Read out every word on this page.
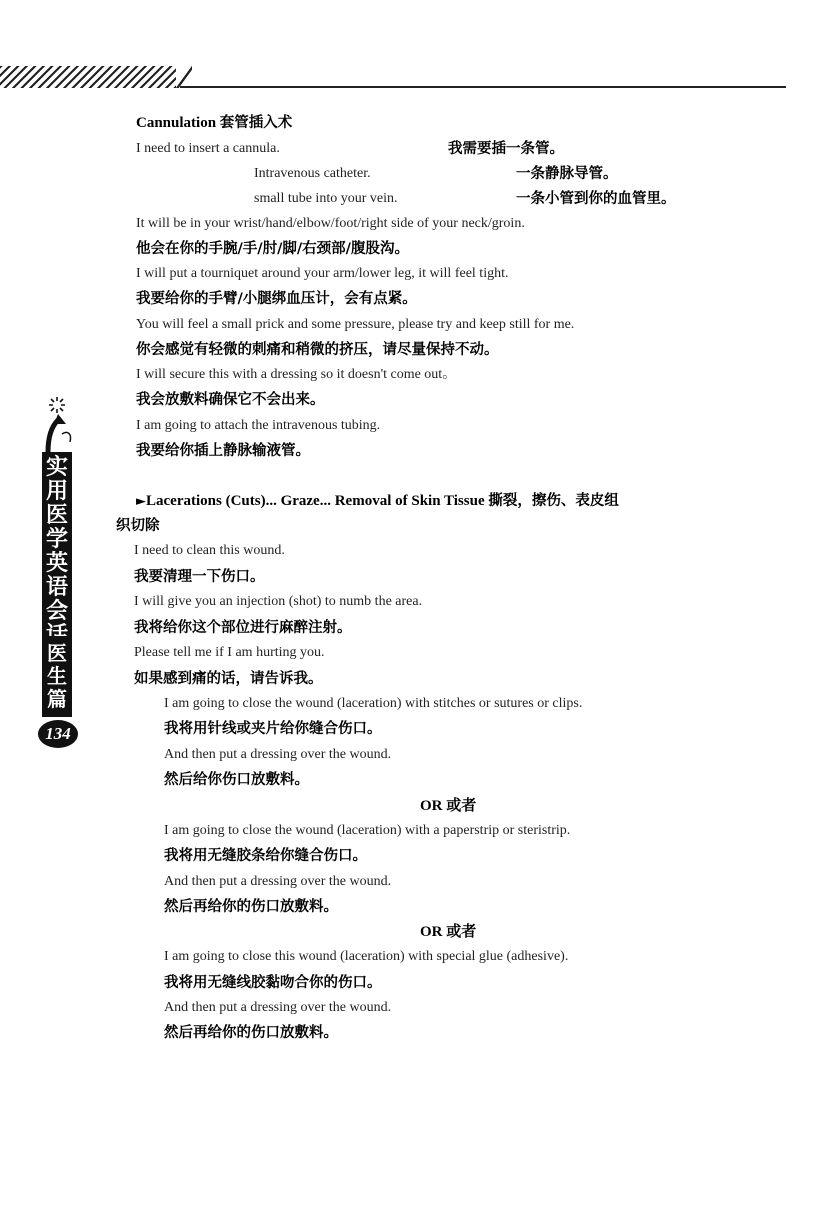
实用医学英语会
医生篇
134
Cannulation 套管插入术
I need to insert a cannula.	我需要插一条管。
Intravenous catheter.	一条静脉导管。
small tube into your vein.	一条小管到你的血管里。
It will be in your wrist/hand/elbow/foot/right side of your neck/groin.
他会在你的手腕/手/肘/脚/右颈部/腹股沟。
I will put a tourniquet around your arm/lower leg, it will feel tight.
我要给你的手臂/小腿绑血压计，会有点紧。
You will feel a small prick and some pressure, please try and keep still for me.
你会感觉有轻微的刺痛和稍微的挤压，请尽量保持不动。
I will secure this with a dressing so it doesn't come out。
我会放敷料确保它不会出来。
I am going to attach the intravenous tubing.
我要给你插上静脉输液管。
►Lacerations (Cuts)... Graze... Removal of Skin Tissue 撕裂，擦伤、表皮组
织切除
I need to clean this wound.
我要清理一下伤口。
I will give you an injection (shot) to numb the area.
我将给你这个部位进行麻醉注射。
Please tell me if I am hurting you.
如果感到痛的话，请告诉我。
I am going to close the wound (laceration) with stitches or sutures or clips.
我将用针线或夹片给你缝合伤口。
And then put a dressing over the wound.
然后给你伤口放敷料。
OR 或者
I am going to close the wound (laceration) with a paperstrip or steristrip.
我将用无缝胶条给你缝合伤口。
And then put a dressing over the wound.
然后再给你的伤口放敷料。
OR 或者
I am going to close this wound (laceration) with special glue (adhesive).
我将用无缝线胶黏吻合你的伤口。
And then put a dressing over the wound.
然后再给你的伤口放敷料。
